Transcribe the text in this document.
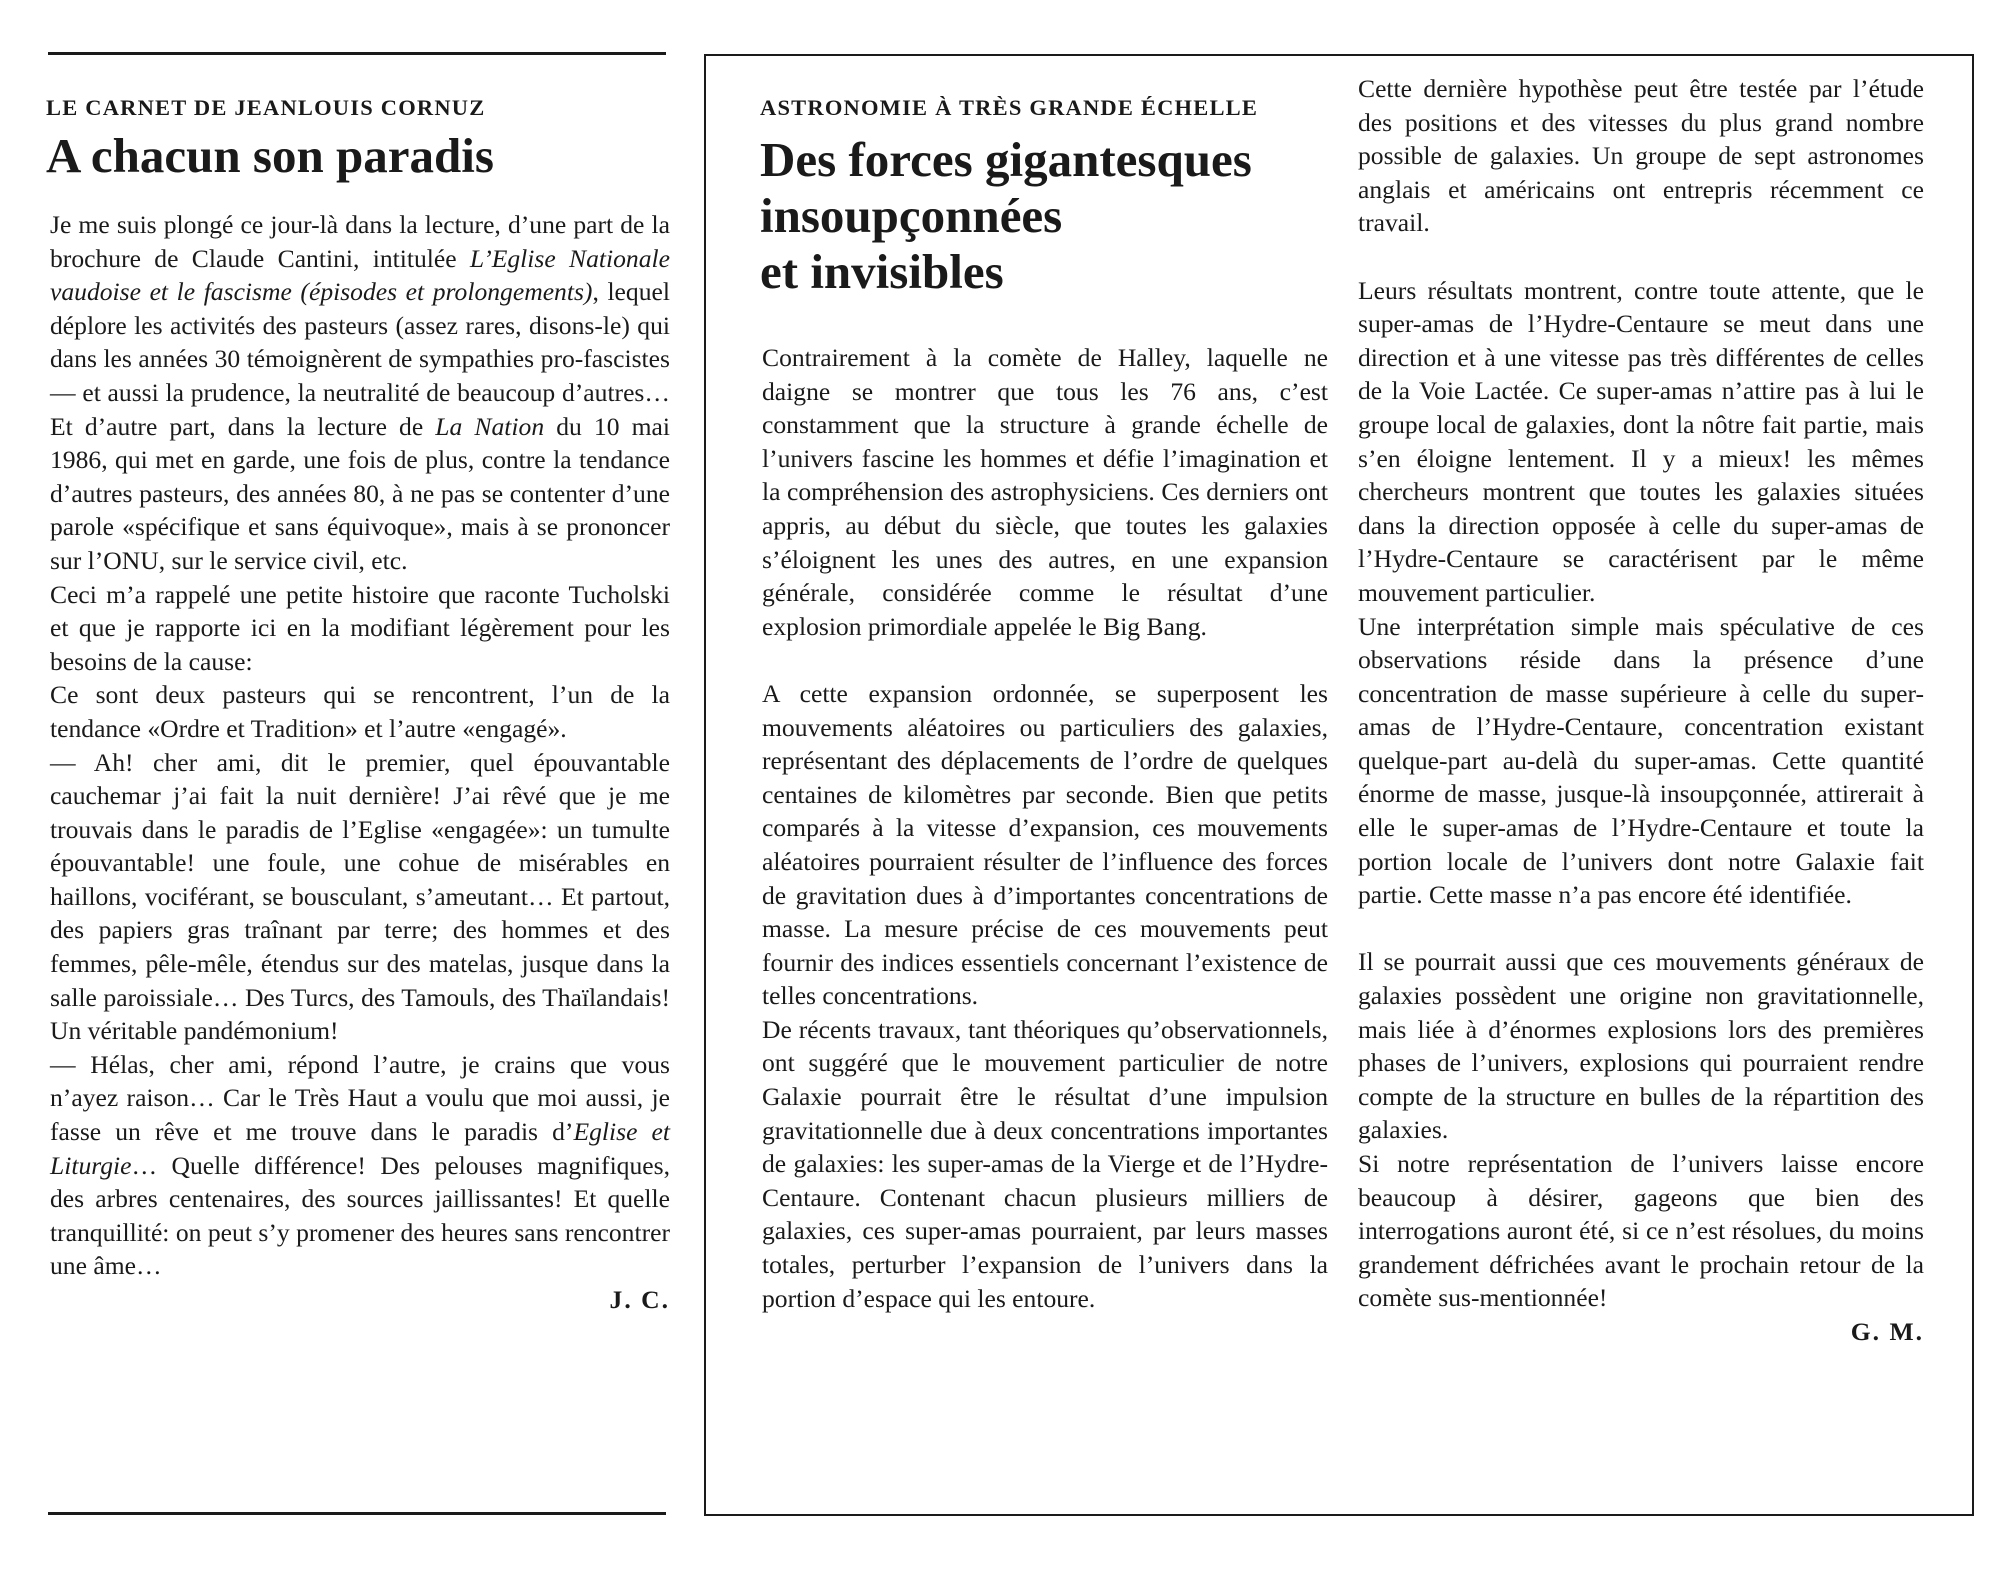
LE CARNET DE JEANLOUIS CORNUZ
A chacun son paradis

Je me suis plongé ce jour-là dans la lecture, d’une part de la brochure de Claude Cantini, intitulée L’Eglise Nationale vaudoise et le fascisme (épisodes et prolongements), lequel déplore les activités des pasteurs (assez rares, disons-le) qui dans les années 30 témoignèrent de sympathies pro-fascistes — et aussi la prudence, la neutralité de beaucoup d’autres… Et d’autre part, dans la lecture de La Nation du 10 mai 1986, qui met en garde, une fois de plus, contre la tendance d’autres pasteurs, des années 80, à ne pas se contenter d’une parole «spécifique et sans équivoque», mais à se prononcer sur l’ONU, sur le service civil, etc.

Ceci m’a rappelé une petite histoire que raconte Tucholski et que je rapporte ici en la modifiant légèrement pour les besoins de la cause:

Ce sont deux pasteurs qui se rencontrent, l’un de la tendance «Ordre et Tradition» et l’autre «engagé».

— Ah! cher ami, dit le premier, quel épouvantable cauchemar j’ai fait la nuit dernière! J’ai rêvé que je me trouvais dans le paradis de l’Eglise «engagée»: un tumulte épouvantable! une foule, une cohue de misérables en haillons, vociférant, se bousculant, s’ameutant… Et partout, des papiers gras traînant par terre; des hommes et des femmes, pêle-mêle, étendus sur des matelas, jusque dans la salle paroissiale… Des Turcs, des Tamouls, des Thaïlandais! Un véritable pandémonium!

— Hélas, cher ami, répond l’autre, je crains que vous n’ayez raison… Car le Très Haut a voulu que moi aussi, je fasse un rêve et me trouve dans le paradis d’Eglise et Liturgie… Quelle différence! Des pelouses magnifiques, des arbres centenaires, des sources jaillissantes! Et quelle tranquillité: on peut s’y promener des heures sans rencontrer une âme…

J. C.

ASTRONOMIE À TRÈS GRANDE ÉCHELLE
Des forces gigantesques
insoupçonnées
et invisibles

Contrairement à la comète de Halley, laquelle ne daigne se montrer que tous les 76 ans, c’est constamment que la structure à grande échelle de l’univers fascine les hommes et défie l’imagination et la compréhension des astrophysiciens. Ces derniers ont appris, au début du siècle, que toutes les galaxies s’éloignent les unes des autres, en une expansion générale, considérée comme le résultat d’une explosion primordiale appelée le Big Bang.

A cette expansion ordonnée, se superposent les mouvements aléatoires ou particuliers des galaxies, représentant des déplacements de l’ordre de quelques centaines de kilomètres par seconde. Bien que petits comparés à la vitesse d’expansion, ces mouvements aléatoires pourraient résulter de l’influence des forces de gravitation dues à d’importantes concentrations de masse. La mesure précise de ces mouvements peut fournir des indices essentiels concernant l’existence de telles concentrations.

De récents travaux, tant théoriques qu’observationnels, ont suggéré que le mouvement particulier de notre Galaxie pourrait être le résultat d’une impulsion gravitationnelle due à deux concentrations importantes de galaxies: les super-amas de la Vierge et de l’Hydre-Centaure. Contenant chacun plusieurs milliers de galaxies, ces super-amas pourraient, par leurs masses totales, perturber l’expansion de l’univers dans la portion d’espace qui les entoure.

Cette dernière hypothèse peut être testée par l’étude des positions et des vitesses du plus grand nombre possible de galaxies. Un groupe de sept astronomes anglais et américains ont entrepris récemment ce travail.

Leurs résultats montrent, contre toute attente, que le super-amas de l’Hydre-Centaure se meut dans une direction et à une vitesse pas très différentes de celles de la Voie Lactée. Ce super-amas n’attire pas à lui le groupe local de galaxies, dont la nôtre fait partie, mais s’en éloigne lentement. Il y a mieux! les mêmes chercheurs montrent que toutes les galaxies situées dans la direction opposée à celle du super-amas de l’Hydre-Centaure se caractérisent par le même mouvement particulier.

Une interprétation simple mais spéculative de ces observations réside dans la présence d’une concentration de masse supérieure à celle du super-amas de l’Hydre-Centaure, concentration existant quelque-part au-delà du super-amas. Cette quantité énorme de masse, jusque-là insoupçonnée, attirerait à elle le super-amas de l’Hydre-Centaure et toute la portion locale de l’univers dont notre Galaxie fait partie. Cette masse n’a pas encore été identifiée.

Il se pourrait aussi que ces mouvements généraux de galaxies possèdent une origine non gravitationnelle, mais liée à d’énormes explosions lors des premières phases de l’univers, explosions qui pourraient rendre compte de la structure en bulles de la répartition des galaxies.

Si notre représentation de l’univers laisse encore beaucoup à désirer, gageons que bien des interrogations auront été, si ce n’est résolues, du moins grandement défrichées avant le prochain retour de la comète sus-mentionnée!

G. M.
